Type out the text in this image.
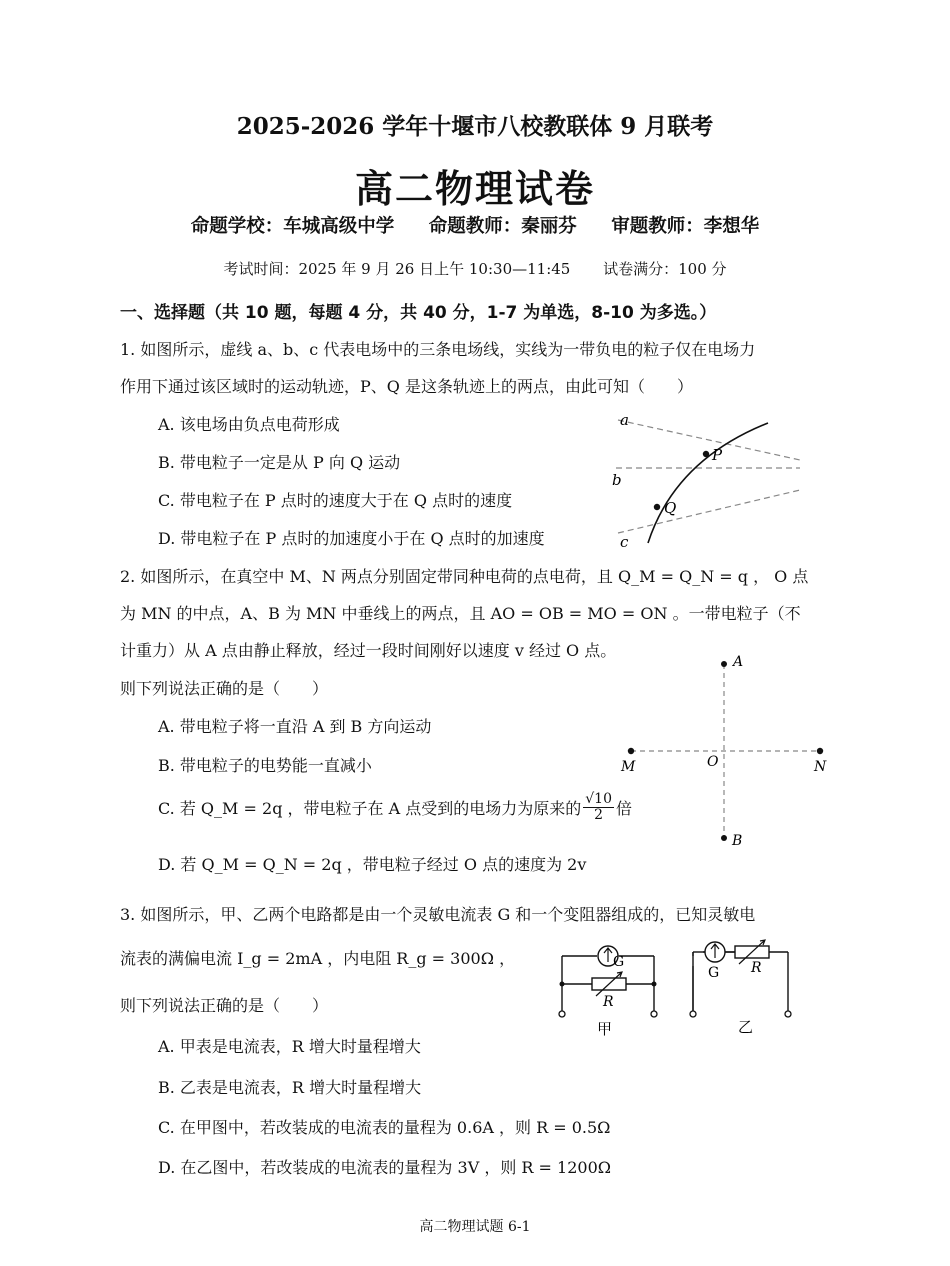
2025-2026 学年十堰市八校教联体 9 月联考
高二物理试卷
命题学校：车城高级中学 命题教师：秦丽芬 审题教师：李想华
考试时间：2025 年 9 月 26 日上午 10:30—11:45 试卷满分：100 分
一、选择题（共 10 题，每题 4 分，共 40 分，1-7 为单选，8-10 为多选。）
1. 如图所示，虚线 a、b、c 代表电场中的三条电场线，实线为一带负电的粒子仅在电场力
作用下通过该区域时的运动轨迹，P、Q 是这条轨迹上的两点，由此可知（　　）
A. 该电场由负点电荷形成
B. 带电粒子一定是从 P 向 Q 运动
C. 带电粒子在 P 点时的速度大于在 Q 点时的速度
D. 带电粒子在 P 点时的加速度小于在 Q 点时的加速度
a
b
c
P
Q
2. 如图所示，在真空中 M、N 两点分别固定带同种电荷的点电荷，且 Q_M = Q_N = q ， O 点
为 MN 的中点，A、B 为 MN 中垂线上的两点，且 AO = OB = MO = ON 。一带电粒子（不
计重力）从 A 点由静止释放，经过一段时间刚好以速度 v 经过 O 点。
则下列说法正确的是（　　）
A. 带电粒子将一直沿 A 到 B 方向运动
B. 带电粒子的电势能一直减小
C. 若 Q_M = 2q ，带电粒子在 A 点受到的电场力为原来的 $\frac{√10}{2}$ 倍
D. 若 Q_M = Q_N = 2q ，带电粒子经过 O 点的速度为 2v
A
B
M	N
O
3. 如图所示，甲、乙两个电路都是由一个灵敏电流表 G 和一个变阻器组成的，已知灵敏电
流表的满偏电流 I_g = 2mA ，内电阻 R_g = 300Ω ，
则下列说法正确的是（　　）
A. 甲表是电流表，R 增大时量程增大
B. 乙表是电流表，R 增大时量程增大
C. 在甲图中，若改装成的电流表的量程为 0.6A ，则 R = 0.5Ω
D. 在乙图中，若改装成的电流表的量程为 3V ，则 R = 1200Ω
G
R
甲
G R
乙
高二物理试题 6-1
